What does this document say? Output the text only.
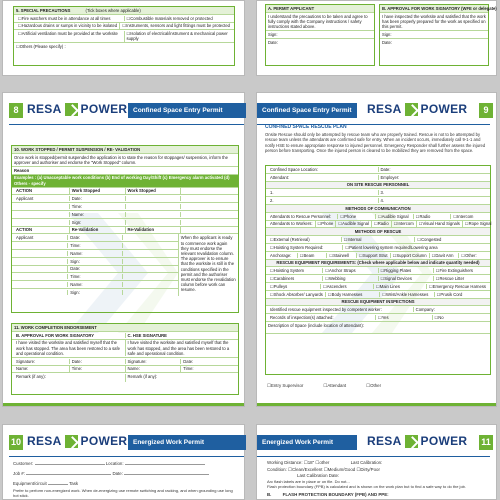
5. SPECIAL PRECAUTIONS	(Tick boxes where applicable)
☐ Fire watchers must be in attendance at all times	☐ Combustible materials removed or protected
☐ Hazardous drains or sumps in vicinity to be isolated	☐ Instruments, sensors and light fittings must be protected
☐ Artificial ventilation must be provided at the worksite	☐ Isolation of electrical/instrument & mechanical power supply
☐ Others (Please specify) :
A. PERMIT APPLICANT
I understand the precautions to be taken and agree to fully comply with the Company instructions / safety instructions stated above.
Sign:
Date:
B. APPROVAL FOR WORK SIGNATORY (WFE or delegate)
I have inspected the worksite and satisfied that the work has been properly prepared for the work as specified on this permit.
Sign:
Date:
8 RESA POWER Confined Space Entry Permit
10. WORK STOPPED / PERMIT SUSPENSION / RE- VALIDATION
Once work is stopped/permit suspended the application is to state the reason for stoppages/ suspension, inform the approver and authoriser and endorse the "Work Stopped" column.
Reason
Examples : (a) Unacceptable work conditions (b) End of working Day/Shift (c) Emergency alarm activated (d) Others - specify
ACTION	Work Stopped	Work Stopped
Applicant	Date:
Time:
Name:
Sign:
ACTION	Re-Validation	Re-Validation
Applicant	Date:
Time:
Name:
Sign:
Date:
Time:
Name:
Sign:
When the applicant is ready to commence work again they must endorse the relevant revalidation column. The approver is to ensure that the worksite is still in the conditions specified in the permit and the authoriser must endorse the revalidation column before work can resume.
11. WORK COMPLETION ENDORSEMENT
B. APPROVAL FOR WORK SIGNATORY	C. HSE SIGNATURE
I have visited the worksite and satisfied myself that the work has stopped. The area has been restored to a safe and operational condition.
I have visited the worksite and satisfied myself that the work has stopped, and the area has been restored to a safe and operational condition.
Signature:	Date:	Signature:	Date:
Name:	Time:	Name:	Time:
Remark (if any):	Remark (if any):
Confined Space Entry Permit	RESA POWER	9
CONFINED SPACE RESCUE PLAN
Onsite Rescue should only be attempted by rescue team who are properly trained. Rescue is not to be attempted by rescue team unless the attendants are confirmed safe for entry. When an incident occurs, immediately call 9-1-1 and notify HSE to ensure appropriate response to injured personnel. Emergency Responder shall further assess the injured person before transporting. Once the injured person is cleared to be mobilized they are removed from the space.
Confined Space Location:	Date:
Attendant:	Employer:
ON SITE RESCUE PERSONNEL
1.	3.
2.	4.
METHODS OF COMMUNICATION
Attendants to Rescue Personnel:	☐ Phone	☐ Audible Signal	☐ Radio	☐ Intercom
Attendants to Workers:	☐ Phone	☐ Audible Signal	☐ Radio	☐ Intercom	☐ Visual Hand Signals	☐ Rope Signal
METHODS OF RESCUE
☐ External (Retrieval)	☐ Internal	☐ Congested
☐ Hoisting System Required:	☐ Patient lowering system required/Lowering area
Anchorage:	☐ Beam	☐ Stairwell	☐ Support Strut	☐ Support Column	☐ Davit Arm	☐ Other:
RESCUE EQUIPMENT REQUIREMENTS: (Check where applicable below and indicate quantity needed)
☐ Hoisting System	☐ Anchor Straps	☐ Rigging Plates	☐ Fire Extinguishers
☐ Carabiners	☐ Webbing	☐ Signal Devices	☐ Rescue Litter
☐ Pulleys	☐ Ascenders	☐ Main Lines	☐ Emergency Rescue Harness
☐ Shock Absorber/ Lanyards	☐ Body Harnesses	☐ Wrist/Ankle Harnesses	☐ Prusik Cord
RESCUE EQUIPMENT INSPECTIONS
Identified rescue equipment inspected by competent worker:	Company:
Records of inspection(s) attached:	☐ Yes	☐ No
Description of Space (include location of attendant):
☐ Entry Supervisor	☐ Attendant	☐ Other
10 RESA POWER Energized Work Permit
Customer:	Location:
Job #:	Date:
Equipment/circuit	Task
Prefer to perform non-energized work. When de-energizing use remote switching and racking, and when grounding use long hot stick.
Energized Work Permit	RESA POWER 11
Working Distance: ☐ 18" ☐ other	Last Calibration:
Condition: ☐ Clean/Excellent ☐ Medium/Good ☐ Dirty/Poor
Last Calibration Date:
Arc flash labels are in place or on file. Do not...
Flash protection boundary (FPB) is calculated and is shown on the work plan but to find a safe way to do the job.
B.	FLASH PROTECTION BOUNDARY (FPB) AND PPE:
